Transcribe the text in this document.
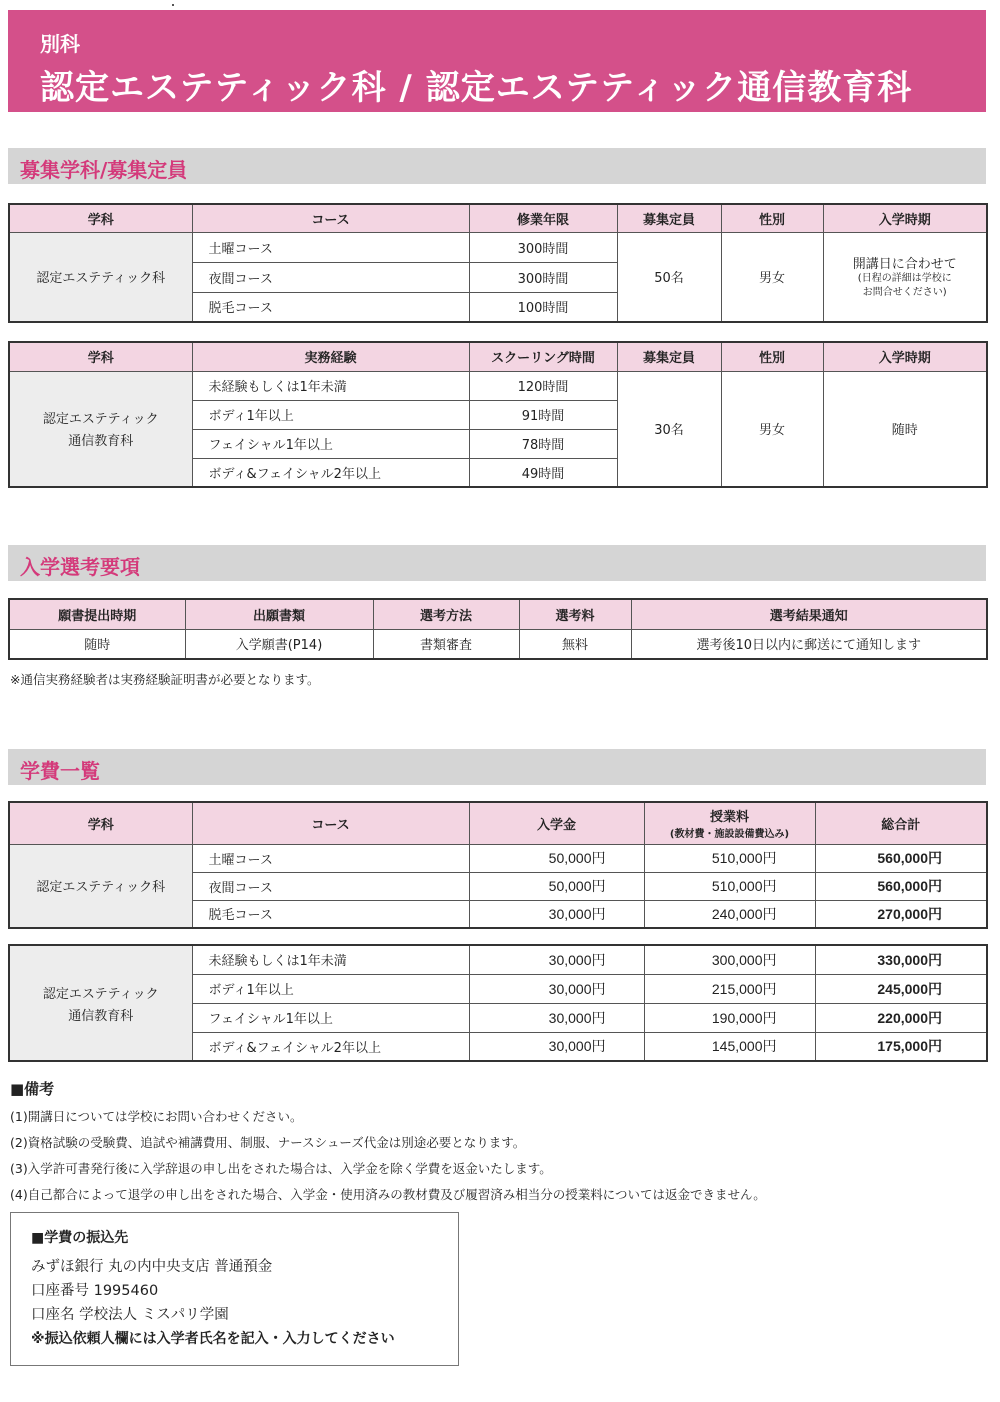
別科
認定エステティック科 / 認定エステティック通信教育科
募集学科/募集定員
学科	コース	修業年限	募集定員	性別	入学時期
認定エステティック科	土曜コース	300時間	50名	男女	開講日に合わせて
(日程の詳細は学校に
お問合せください)

	夜間コース	300時間			
	脱毛コース	100時間			
学科	実務経験	スクーリング時間	募集定員	性別	入学時期

認定エステティック
通信教育科	未経験もしくは1年未満	120時間	30名	男女	随時
	ボディ1年以上	91時間			
	フェイシャル1年以上	78時間			
	ボディ&フェイシャル2年以上	49時間			
入学選考要項
願書提出時期	出願書類	選考方法	選考料	選考結果通知
随時	入学願書(P14)	書類審査	無料	選考後10日以内に郵送にて通知します
※通信実務経験者は実務経験証明書が必要となります。
学費一覧
学科	コース	入学金	授業料
(教材費・施設設備費込み)	総合計
認定エステティック科	土曜コース	50,000円	510,000円	560,000円
	夜間コース	50,000円	510,000円	560,000円
	脱毛コース	30,000円	240,000円	270,000円
認定エステティック
通信教育科	未経験もしくは1年未満	30,000円	300,000円	330,000円
	ボディ1年以上	30,000円	215,000円	245,000円
	フェイシャル1年以上	30,000円	190,000円	220,000円
	ボディ&フェイシャル2年以上	30,000円	145,000円	175,000円
■備考
(1)開講日については学校にお問い合わせください。
(2)資格試験の受験費、追試や補講費用、制服、ナースシューズ代金は別途必要となります。
(3)入学許可書発行後に入学辞退の申し出をされた場合は、入学金を除く学費を返金いたします。
(4)自己都合によって退学の申し出をされた場合、入学金・使用済みの教材費及び履習済み相当分の授業料については返金できません。
■学費の振込先
みずほ銀行 丸の内中央支店 普通預金
口座番号 1995460
口座名 学校法人 ミスパリ学園
※振込依頼人欄には入学者氏名を記入・入力してください
